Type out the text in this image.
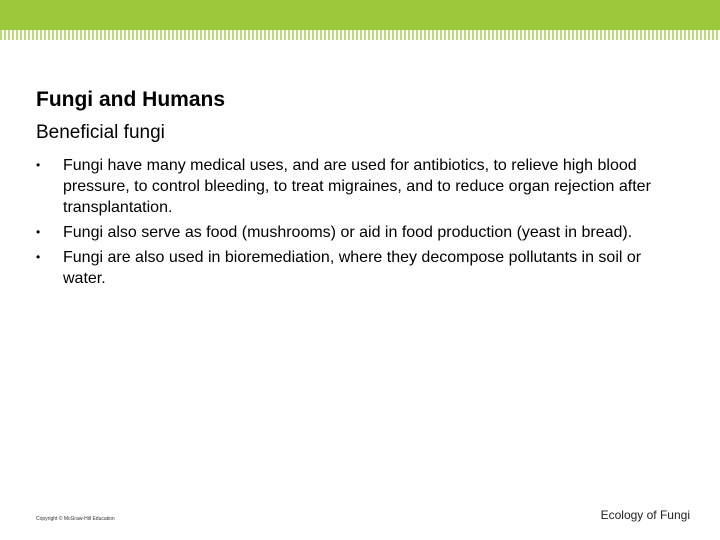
Fungi and Humans

Beneficial fungi

•	Fungi have many medical uses, and are used for antibiotics, to relieve high blood pressure, to control bleeding, to treat migraines, and to reduce organ rejection after transplantation.
•	Fungi also serve as food (mushrooms) or aid in food production (yeast in bread).
•	Fungi are also used in bioremediation, where they decompose pollutants in soil or water.
Copyright © McGraw-Hill Education	Ecology of Fungi
